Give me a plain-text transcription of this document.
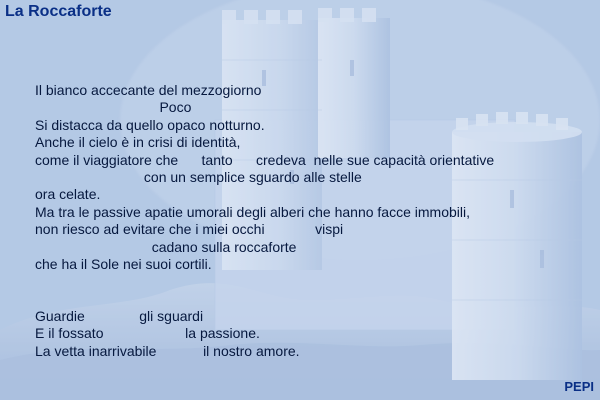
La Roccaforte
Il bianco accecante del mezzogiorno
Poco
Si distacca da quello opaco notturno.
Anche il cielo è in crisi di identità,
come il viaggiatore che      tanto      credeva  nelle sue capacità orientative
con un semplice sguardo alle stelle
ora celate.
Ma tra le passive apatie umorali degli alberi che hanno facce immobili,
non riesco ad evitare che i miei occhi             vispi
cadano sulla roccaforte
che ha il Sole nei suoi cortili.
Guardie              gli sguardi
E il fossato                     la passione.
La vetta inarrivabile            il nostro amore.
PEPI
